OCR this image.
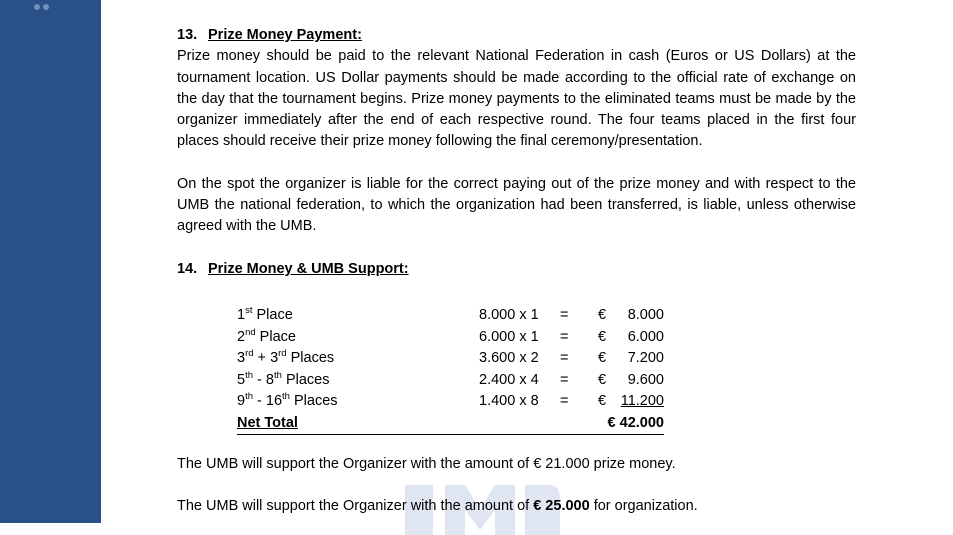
13. Prize Money Payment:

Prize money should be paid to the relevant National Federation in cash (Euros or US Dollars) at the tournament location. US Dollar payments should be made according to the official rate of exchange on the day that the tournament begins. Prize money payments to the eliminated teams must be made by the organizer immediately after the end of each respective round. The four teams placed in the first four places should receive their prize money following the final ceremony/presentation.

On the spot the organizer is liable for the correct paying out of the prize money and with respect to the UMB the national federation, to which the organization had been transferred, is liable, unless otherwise agreed with the UMB.

14. Prize Money & UMB Support:

1st Place	8.000 x 1	=	€ 8.000

2nd Place	6.000 x 1	=	€ 6.000

3rd + 3rd Places	3.600 x 2	=	€ 7.200

5th - 8th Places	2.400 x 4	=	€ 9.600

9th - 16th Places	1.400 x 8	=	€ 11.200

Net Total			€ 42.000

The UMB will support the Organizer with the amount of € 21.000 prize money.

The UMB will support the Organizer with the amount of € 25.000 for organization.
